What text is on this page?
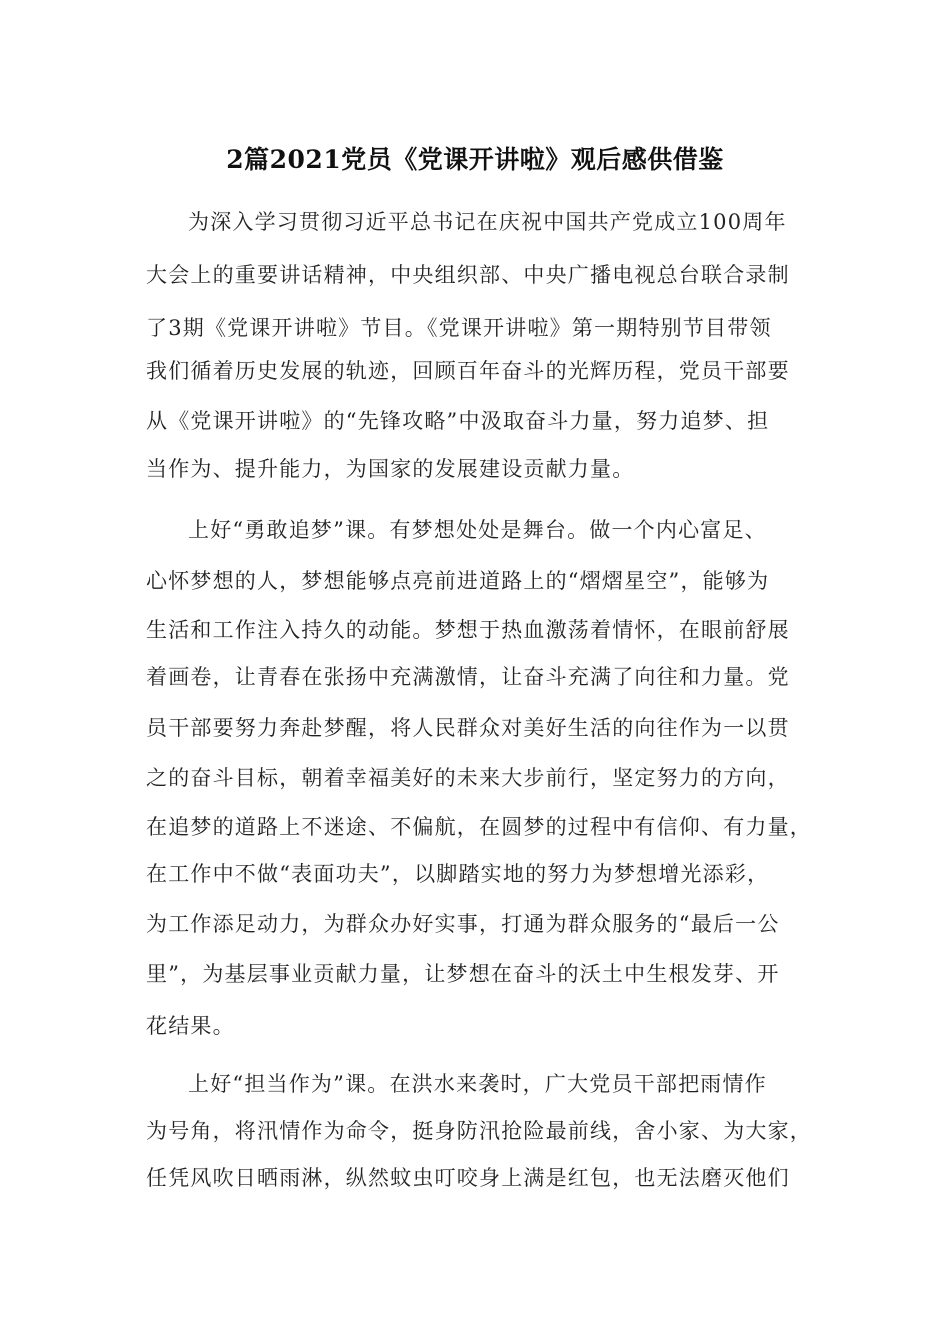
2篇2021党员《党课开讲啦》观后感供借鉴

为深入学习贯彻习近平总书记在庆祝中国共产党成立100周年

大会上的重要讲话精神，中央组织部、中央广播电视总台联合录制

了3期《党课开讲啦》节目。《党课开讲啦》第一期特别节目带领

我们循着历史发展的轨迹，回顾百年奋斗的光辉历程，党员干部要

从《党课开讲啦》的“先锋攻略”中汲取奋斗力量，努力追梦、担

当作为、提升能力，为国家的发展建设贡献力量。

上好“勇敢追梦”课。有梦想处处是舞台。做一个内心富足、

心怀梦想的人，梦想能够点亮前进道路上的“熠熠星空”，能够为

生活和工作注入持久的动能。梦想于热血激荡着情怀，在眼前舒展

着画卷，让青春在张扬中充满激情，让奋斗充满了向往和力量。党

员干部要努力奔赴梦醒，将人民群众对美好生活的向往作为一以贯

之的奋斗目标，朝着幸福美好的未来大步前行，坚定努力的方向，

在追梦的道路上不迷途、不偏航，在圆梦的过程中有信仰、有力量，

在工作中不做“表面功夫”，以脚踏实地的努力为梦想增光添彩，

为工作添足动力，为群众办好实事，打通为群众服务的“最后一公

里”，为基层事业贡献力量，让梦想在奋斗的沃土中生根发芽、开

花结果。

上好“担当作为”课。在洪水来袭时，广大党员干部把雨情作

为号角，将汛情作为命令，挺身防汛抢险最前线，舍小家、为大家，

任凭风吹日晒雨淋，纵然蚊虫叮咬身上满是红包，也无法磨灭他们
